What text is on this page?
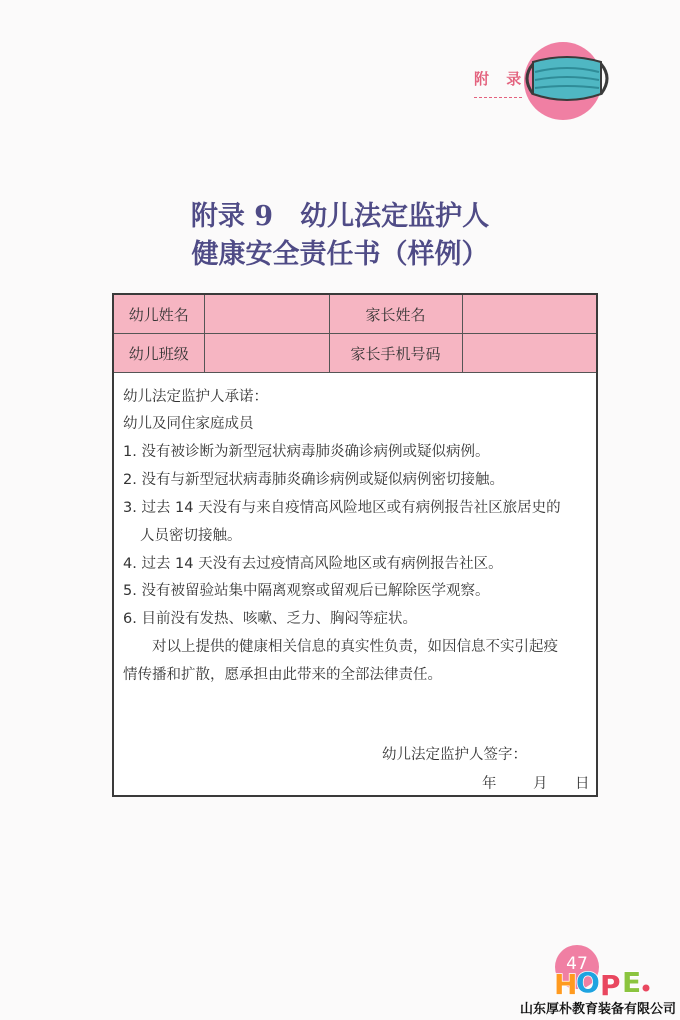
附 录
附录 9　幼儿法定监护人
健康安全责任书（样例）
幼儿姓名		家长姓名	
幼儿班级		家长手机号码	
幼儿法定监护人承诺：
幼儿及同住家庭成员
1. 没有被诊断为新型冠状病毒肺炎确诊病例或疑似病例。
2. 没有与新型冠状病毒肺炎确诊病例或疑似病例密切接触。
3. 过去 14 天没有与来自疫情高风险地区或有病例报告社区旅居史的
人员密切接触。
4. 过去 14 天没有去过疫情高风险地区或有病例报告社区。
5. 没有被留验站集中隔离观察或留观后已解除医学观察。
6. 目前没有发热、咳嗽、乏力、胸闷等症状。
对以上提供的健康相关信息的真实性负责，如因信息不实引起疫
情传播和扩散，愿承担由此带来的全部法律责任。
幼儿法定监护人签字：
年	月 日
47
H
O P E
山东厚朴教育装备有限公司
